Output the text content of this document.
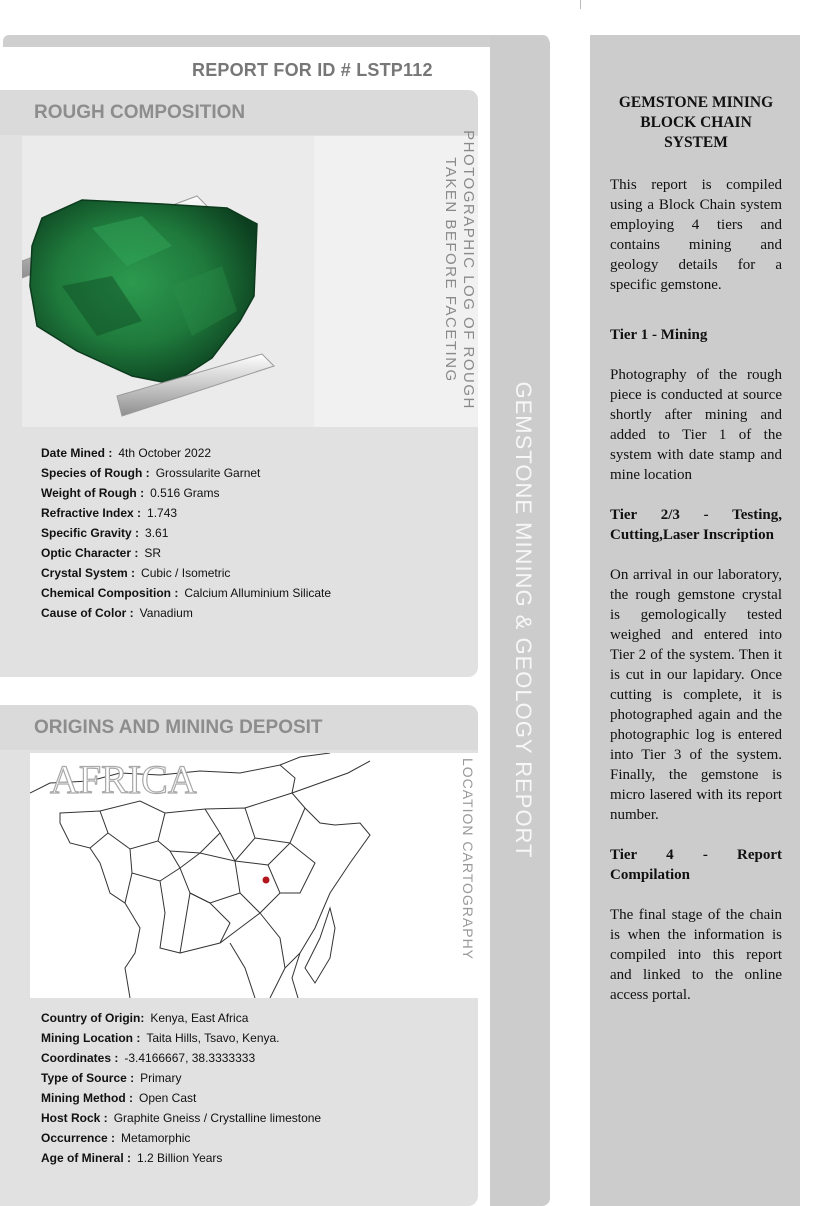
REPORT FOR ID # LSTP112
GEMSTONE MINING & GEOLOGY REPORT
ROUGH COMPOSITION
PHOTOGRAPHIC LOG OF ROUGH
TAKEN BEFORE FACETING
Date Mined : 4th October 2022
Species of Rough : Grossularite Garnet
Weight of Rough : 0.516 Grams
Refractive Index : 1.743
Specific Gravity : 3.61
Optic Character : SR
Crystal System : Cubic / Isometric
Chemical Composition : Calcium Alluminium Silicate
Cause of Color : Vanadium
ORIGINS AND MINING DEPOSIT
AFRICA	LOCATION CARTOGRAPHY
Country of Origin: Kenya, East Africa
Mining Location : Taita Hills, Tsavo, Kenya.
Coordinates : -3.4166667, 38.3333333
Type of Source : Primary
Mining Method : Open Cast
Host Rock : Graphite Gneiss / Crystalline limestone
Occurrence : Metamorphic
Age of Mineral : 1.2 Billion Years
GEMSTONE MINING BLOCK CHAIN SYSTEM
This report is compiled using a Block Chain system employing 4 tiers and contains mining and geology details for a specific gemstone.
Tier 1 - Mining
Photography of the rough piece is conducted at source shortly after mining and added to Tier 1 of the system with date stamp and mine location
Tier 2/3 - Testing, Cutting,Laser Inscription
On arrival in our laboratory, the rough gemstone crystal is gemologically tested weighed and entered into Tier 2 of the system. Then it is cut in our lapidary. Once cutting is complete, it is photographed again and the photographic log is entered into Tier 3 of the system. Finally, the gemstone is micro lasered with its report number.
Tier 4 - Report Compilation
The final stage of the chain is when the information is compiled into this report and linked to the online access portal.
